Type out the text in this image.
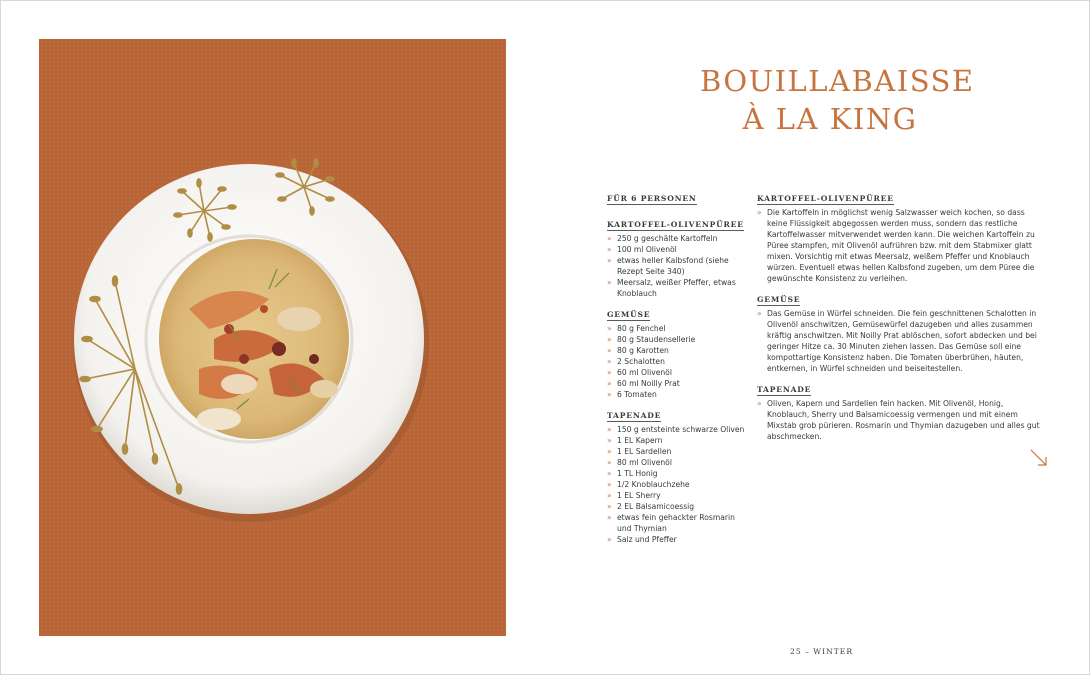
BOUILLABAISSE
À LA KING
FÜR 6 PERSONEN
KARTOFFEL-OLIVENPÜREE
» 250 g geschälte Kartoffeln
» 100 ml Olivenöl
» etwas heller Kalbsfond (siehe Rezept Seite 340)
» Meersalz, weißer Pfeffer, etwas Knoblauch
GEMÜSE
» 80 g Fenchel
» 80 g Staudensellerie
» 80 g Karotten
» 2 Schalotten
» 60 ml Olivenöl
» 60 ml Noilly Prat
» 6 Tomaten
TAPENADE
» 150 g entsteinte schwarze Oliven
» 1 EL Kapern
» 1 EL Sardellen
» 80 ml Olivenöl
» 1 TL Honig
» 1/2 Knoblauchzehe
» 1 EL Sherry
» 2 EL Balsamicoessig
» etwas fein gehackter Rosmarin und Thymian
» Salz und Pfeffer
KARTOFFEL-OLIVENPÜREE

» Die Kartoffeln in möglichst wenig Salzwasser weich kochen, so dass keine Flüssigkeit abgegossen werden muss, sondern das restliche Kartoffelwasser mitverwendet werden kann. Die weichen Kartoffeln zu Püree stampfen, mit Olivenöl aufrühren bzw. mit dem Stabmixer glatt mixen. Vorsichtig mit etwas Meersalz, weißem Pfeffer und Knoblauch würzen. Eventuell etwas hellen Kalbsfond zugeben, um dem Püree die gewünschte Konsistenz zu verleihen.

GEMÜSE

» Das Gemüse in Würfel schneiden. Die fein geschnittenen Schalotten in Olivenöl anschwitzen, Gemüsewürfel dazugeben und alles zusammen kräftig anschwitzen. Mit Noilly Prat ablöschen, sofort abdecken und bei geringer Hitze ca. 30 Minuten ziehen lassen. Das Gemüse soll eine kompottartige Konsistenz haben. Die Tomaten überbrühen, häuten, entkernen, in Würfel schneiden und beiseitestellen.

TAPENADE

» Oliven, Kapern und Sardellen fein hacken. Mit Olivenöl, Honig, Knoblauch, Sherry und Balsamicoessig vermengen und mit einem Mixstab grob pürieren. Rosmarin und Thymian dazugeben und alles gut abschmecken.

25 – WINTER
